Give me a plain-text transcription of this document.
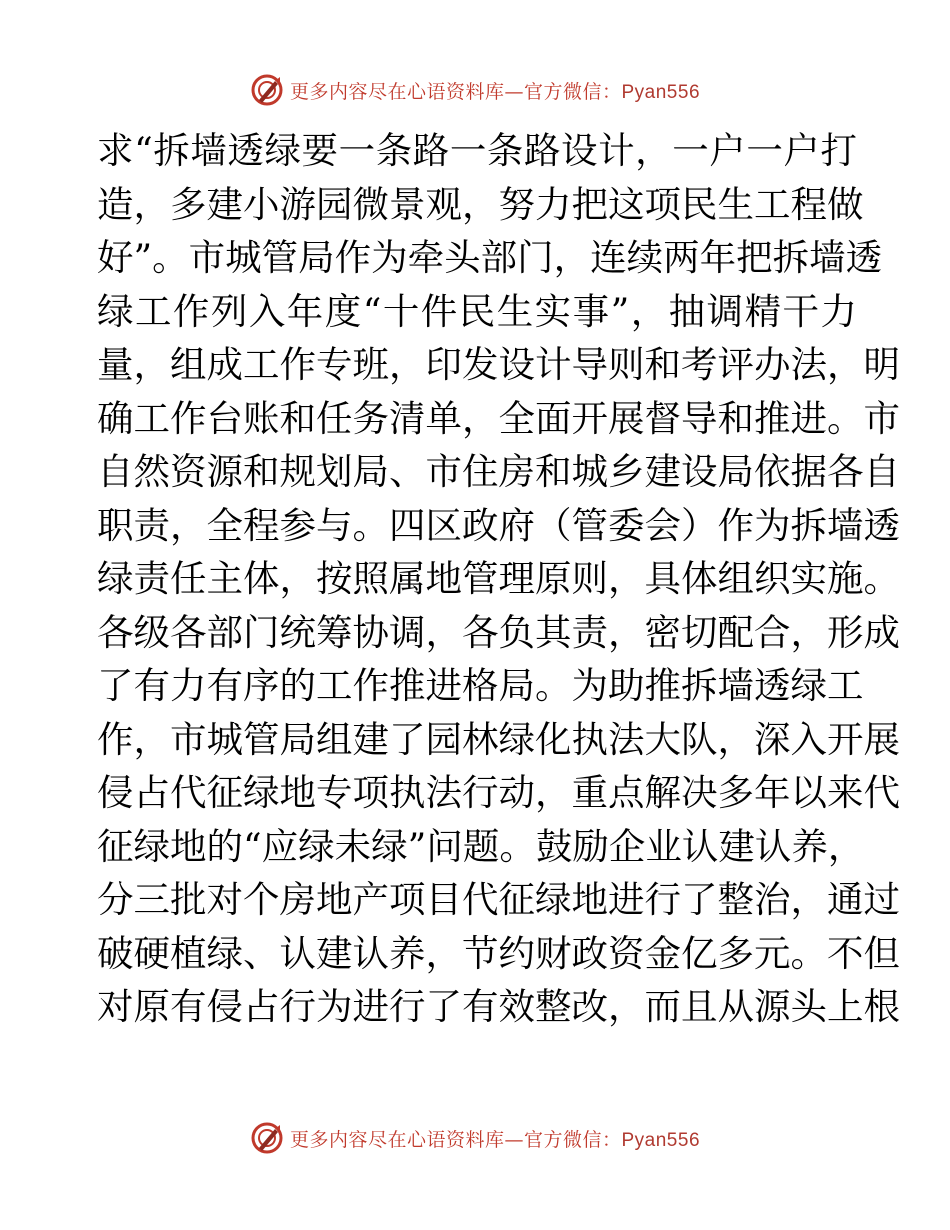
更多内容尽在心语资料库—官方微信：Pyan556
求“拆墙透绿要一条路一条路设计，一户一户打
造，多建小游园微景观，努力把这项民生工程做
好”。市城管局作为牵头部门，连续两年把拆墙透
绿工作列入年度“十件民生实事”，抽调精干力
量，组成工作专班，印发设计导则和考评办法，明
确工作台账和任务清单，全面开展督导和推进。市
自然资源和规划局、市住房和城乡建设局依据各自
职责，全程参与。四区政府（管委会）作为拆墙透
绿责任主体，按照属地管理原则，具体组织实施。
各级各部门统筹协调，各负其责，密切配合，形成
了有力有序的工作推进格局。为助推拆墙透绿工
作，市城管局组建了园林绿化执法大队，深入开展
侵占代征绿地专项执法行动，重点解决多年以来代
征绿地的“应绿未绿”问题。鼓励企业认建认养，
分三批对个房地产项目代征绿地进行了整治，通过
破硬植绿、认建认养，节约财政资金亿多元。不但
对原有侵占行为进行了有效整改，而且从源头上根
更多内容尽在心语资料库—官方微信：Pyan556
